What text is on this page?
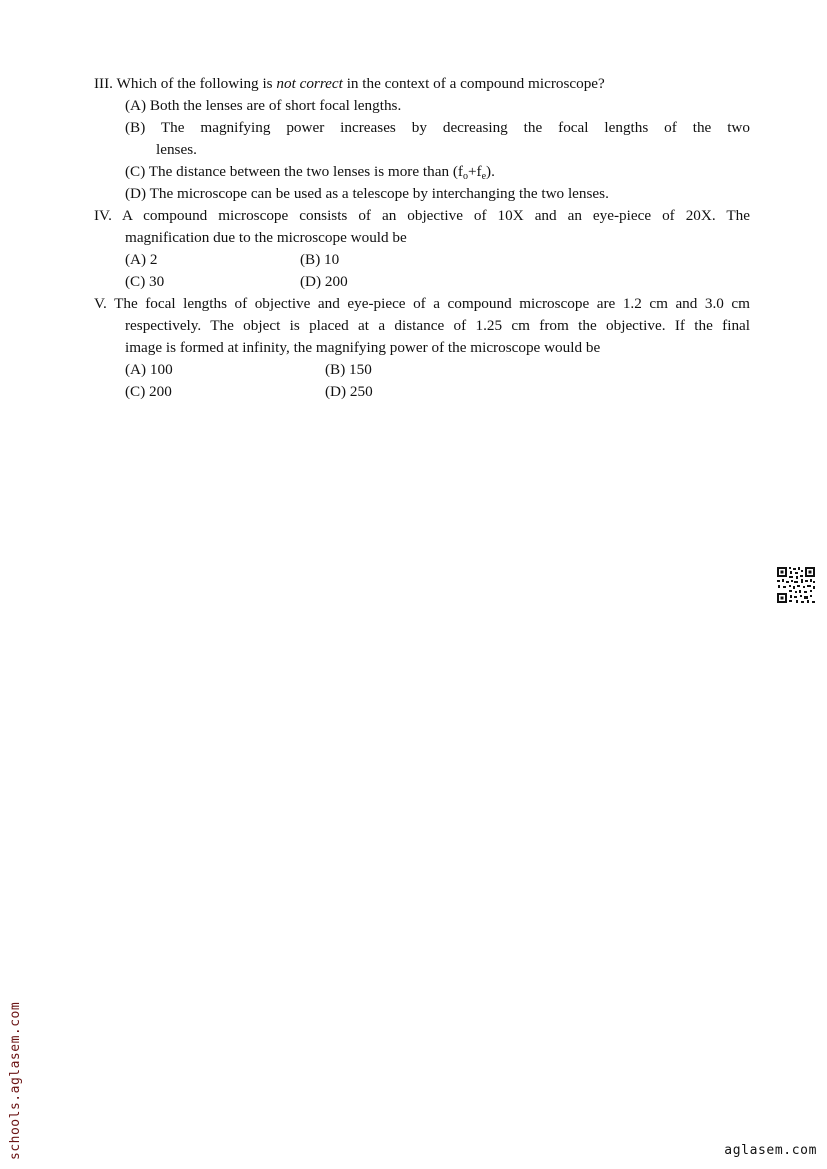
III. Which of the following is not correct in the context of a compound microscope?
(A) Both the lenses are of short focal lengths.
(B) The magnifying power increases by decreasing the focal lengths of the two
lenses.
(C) The distance between the two lenses is more than $(f_o+f_e)$.
(D) The microscope can be used as a telescope by interchanging the two lenses.
IV. A compound microscope consists of an objective of 10X and an eye-piece of 20X. The
magnification due to the microscope would be
(A) 2	(B) 10
(C) 30	(D) 200
V. The focal lengths of objective and eye-piece of a compound microscope are 1.2 cm and 3.0 cm
respectively. The object is placed at a distance of 1.25 cm from the objective. If the final
image is formed at infinity, the magnifying power of the microscope would be
(A) 100	(B) 150
(C) 200	(D) 250
schools.aglasem.com	aglasem.com
